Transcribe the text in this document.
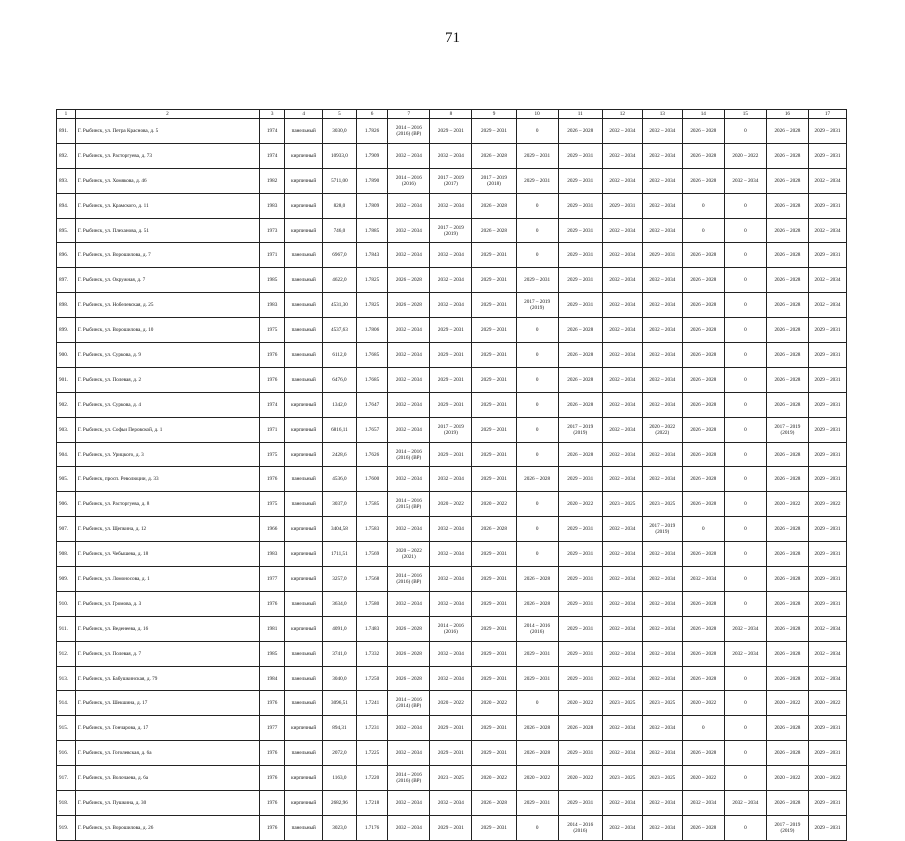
71
1	2	3	4	5	6	7	8	9	10	11	12	13	14	15	16	17
891.	Г. Рыбинск, ул. Петра Краснова, д. 5	1974	панельный	3030,0	1.7826	2014 – 2016 (2016) (ВР)	2029 – 2031	2029 – 2031	0	2026 – 2028	2032 – 2034	2032 – 2034	2026 – 2028	0	2026 – 2028	2029 – 2031
892.	Г. Рыбинск, ул. Расторгуева, д. 73	1974	кирпичный	10933,0	1.7909	2032 – 2034	2032 – 2034	2026 – 2028	2029 – 2031	2029 – 2031	2032 – 2034	2032 – 2034	2026 – 2028	2020 – 2022	2026 – 2028	2029 – 2031
893.	Г. Рыбинск, ул. Хомякова, д. 46	1982	кирпичный	5711,00	1.7890	2014 – 2016 (2016)	2017 – 2019 (2017)	2017 – 2019 (2018)	2029 – 2031	2029 – 2031	2032 – 2034	2032 – 2034	2026 – 2028	2032 – 2034	2026 – 2028	2032 – 2034
894.	Г. Рыбинск, ул. Крамского, д. 11	1983	кирпичный	828,0	1.7809	2032 – 2034	2032 – 2034	2026 – 2028	0	2029 – 2031	2029 – 2031	2032 – 2034	0	0	2026 – 2028	2029 – 2031
895.	Г. Рыбинск, ул. Плеханова, д. 51	1973	кирпичный	746,0	1.7885	2032 – 2034	2017 – 2019 (2019)	2026 – 2028	0	2029 – 2031	2032 – 2034	2032 – 2034	0	0	2026 – 2028	2032 – 2034
896.	Г. Рыбинск, ул. Ворошилова, д. 7	1971	панельный	6967,0	1.7843	2032 – 2034	2032 – 2034	2029 – 2031	0	2029 – 2031	2032 – 2034	2029 – 2031	2026 – 2028	0	2026 – 2028	2029 – 2031
897.	Г. Рыбинск, ул. Окружная, д. 7	1985	панельный	4622,0	1.7825	2026 – 2028	2032 – 2034	2029 – 2031	2029 – 2031	2029 – 2031	2032 – 2034	2032 – 2034	2026 – 2028	0	2026 – 2028	2032 – 2034
898.	Г. Рыбинск, ул. Нобелевская, д. 25	1983	панельный	4531,30	1.7825	2026 – 2028	2032 – 2034	2029 – 2031	2017 – 2019 (2019)	2029 – 2031	2032 – 2034	2032 – 2034	2026 – 2028	0	2026 – 2028	2032 – 2034
899.	Г. Рыбинск, ул. Ворошилова, д. 10	1975	панельный	4537,63	1.7806	2032 – 2034	2029 – 2031	2029 – 2031	0	2026 – 2028	2032 – 2034	2032 – 2034	2026 – 2028	0	2026 – 2028	2029 – 2031
900.	Г. Рыбинск, ул. Суркова, д. 9	1976	панельный	6112,0	1.7685	2032 – 2034	2029 – 2031	2029 – 2031	0	2026 – 2028	2032 – 2034	2032 – 2034	2026 – 2028	0	2026 – 2028	2029 – 2031
901.	Г. Рыбинск, ул. Полевая, д. 2	1976	панельный	6476,0	1.7685	2032 – 2034	2029 – 2031	2029 – 2031	0	2026 – 2028	2032 – 2034	2032 – 2034	2026 – 2028	0	2026 – 2028	2029 – 2031
902.	Г. Рыбинск, ул. Суркова, д. 4	1974	кирпичный	1342,0	1.7647	2032 – 2034	2029 – 2031	2029 – 2031	0	2026 – 2028	2032 – 2034	2032 – 2034	2026 – 2028	0	2026 – 2028	2029 – 2031
903.	Г. Рыбинск, ул. Софьи Перовской, д. 1	1971	кирпичный	6816,11	1.7657	2032 – 2034	2017 – 2019 (2019)	2029 – 2031	0	2017 – 2019 (2019)	2032 – 2034	2020 – 2022 (2022)	2026 – 2028	0	2017 – 2019 (2019)	2029 – 2031
904.	Г. Рыбинск, ул. Урицкого, д. 3	1975	кирпичный	2428,6	1.7626	2014 – 2016 (2016) (ВР)	2029 – 2031	2029 – 2031	0	2026 – 2028	2032 – 2034	2032 – 2034	2026 – 2028	0	2026 – 2028	2029 – 2031
905.	Г. Рыбинск, просп. Революции, д. 33	1976	панельный	4536,0	1.7600	2032 – 2034	2032 – 2034	2029 – 2031	2026 – 2028	2029 – 2031	2032 – 2034	2032 – 2034	2026 – 2028	0	2026 – 2028	2029 – 2031
906.	Г. Рыбинск, ул. Расторгуева, д. 8	1975	панельный	3037,0	1.7585	2014 – 2016 (2015) (ВР)	2020 – 2022	2020 – 2022	0	2020 – 2022	2023 – 2025	2023 – 2025	2026 – 2028	0	2020 – 2022	2029 – 2022
907.	Г. Рыбинск, ул. Щепкина, д. 12	1966	кирпичный	3404,58	1.7583	2032 – 2034	2032 – 2034	2026 – 2028	0	2029 – 2031	2032 – 2034	2017 – 2019 (2019)	0	0	2026 – 2028	2029 – 2031
908.	Г. Рыбинск, ул. Чебышева, д. 18	1983	кирпичный	1711,51	1.7569	2020 – 2022 (2021)	2032 – 2034	2029 – 2031	0	2029 – 2031	2032 – 2034	2032 – 2034	2026 – 2028	0	2026 – 2028	2029 – 2031
909.	Г. Рыбинск, ул. Ломоносова, д. 1	1977	кирпичный	3257,0	1.7568	2014 – 2016 (2016) (ВР)	2032 – 2034	2029 – 2031	2026 – 2028	2029 – 2031	2032 – 2034	2032 – 2034	2032 – 2034	0	2026 – 2028	2029 – 2031
910.	Г. Рыбинск, ул. Громова, д. 3	1976	панельный	3634,0	1.7580	2032 – 2034	2032 – 2034	2029 – 2031	2026 – 2028	2029 – 2031	2032 – 2034	2032 – 2034	2026 – 2028	0	2026 – 2028	2029 – 2031
911.	Г. Рыбинск, ул. Веденеева, д. 16	1981	кирпичный	4091,0	1.7483	2026 – 2028	2014 – 2016 (2016)	2029 – 2031	2014 – 2016 (2016)	2029 – 2031	2032 – 2034	2032 – 2034	2026 – 2028	2032 – 2034	2026 – 2028	2032 – 2034
912.	Г. Рыбинск, ул. Полевая, д. 7	1985	панельный	3741,0	1.7332	2026 – 2028	2032 – 2034	2029 – 2031	2029 – 2031	2029 – 2031	2032 – 2034	2032 – 2034	2026 – 2028	2032 – 2034	2026 – 2028	2032 – 2034
913.	Г. Рыбинск, ул. Бабушкинская, д. 79	1984	панельный	3040,0	1.7250	2026 – 2028	2032 – 2034	2029 – 2031	2029 – 2031	2029 – 2031	2032 – 2034	2032 – 2034	2026 – 2028	0	2026 – 2028	2032 – 2034
914.	Г. Рыбинск, ул. Шекшина, д. 17	1976	панельный	3096,51	1.7241	2014 – 2016 (2014) (ВР)	2020 – 2022	2020 – 2022	0	2020 – 2022	2023 – 2025	2023 – 2025	2020 – 2022	0	2020 – 2022	2020 – 2022
915.	Г. Рыбинск, ул. Гончарова, д. 17	1977	кирпичный	894,31	1.7231	2032 – 2034	2029 – 2031	2029 – 2031	2026 – 2028	2026 – 2028	2032 – 2034	2032 – 2034	0	0	2026 – 2028	2029 – 2031
916.	Г. Рыбинск, ул. Гоголевская, д. 6а	1976	панельный	2072,0	1.7225	2032 – 2034	2029 – 2031	2029 – 2031	2026 – 2028	2029 – 2031	2032 – 2034	2032 – 2034	2026 – 2028	0	2026 – 2028	2029 – 2031
917.	Г. Рыбинск, ул. Волочаева, д. 6а	1976	кирпичный	1163,0	1.7220	2014 – 2016 (2016) (ВР)	2023 – 2025	2020 – 2022	2020 – 2022	2020 – 2022	2023 – 2025	2023 – 2025	2020 – 2022	0	2020 – 2022	2020 – 2022
918.	Г. Рыбинск, ул. Пушкина, д. 30	1976	кирпичный	2682,96	1.7218	2032 – 2034	2032 – 2034	2026 – 2028	2029 – 2031	2029 – 2031	2032 – 2034	2032 – 2034	2032 – 2034	2032 – 2034	2026 – 2028	2029 – 2031
919.	Г. Рыбинск, ул. Ворошилова, д. 26	1976	панельный	3023,0	1.7176	2032 – 2034	2029 – 2031	2029 – 2031	0	2014 – 2016 (2016)	2032 – 2034	2032 – 2034	2026 – 2028	0	2017 – 2019 (2019)	2029 – 2031
